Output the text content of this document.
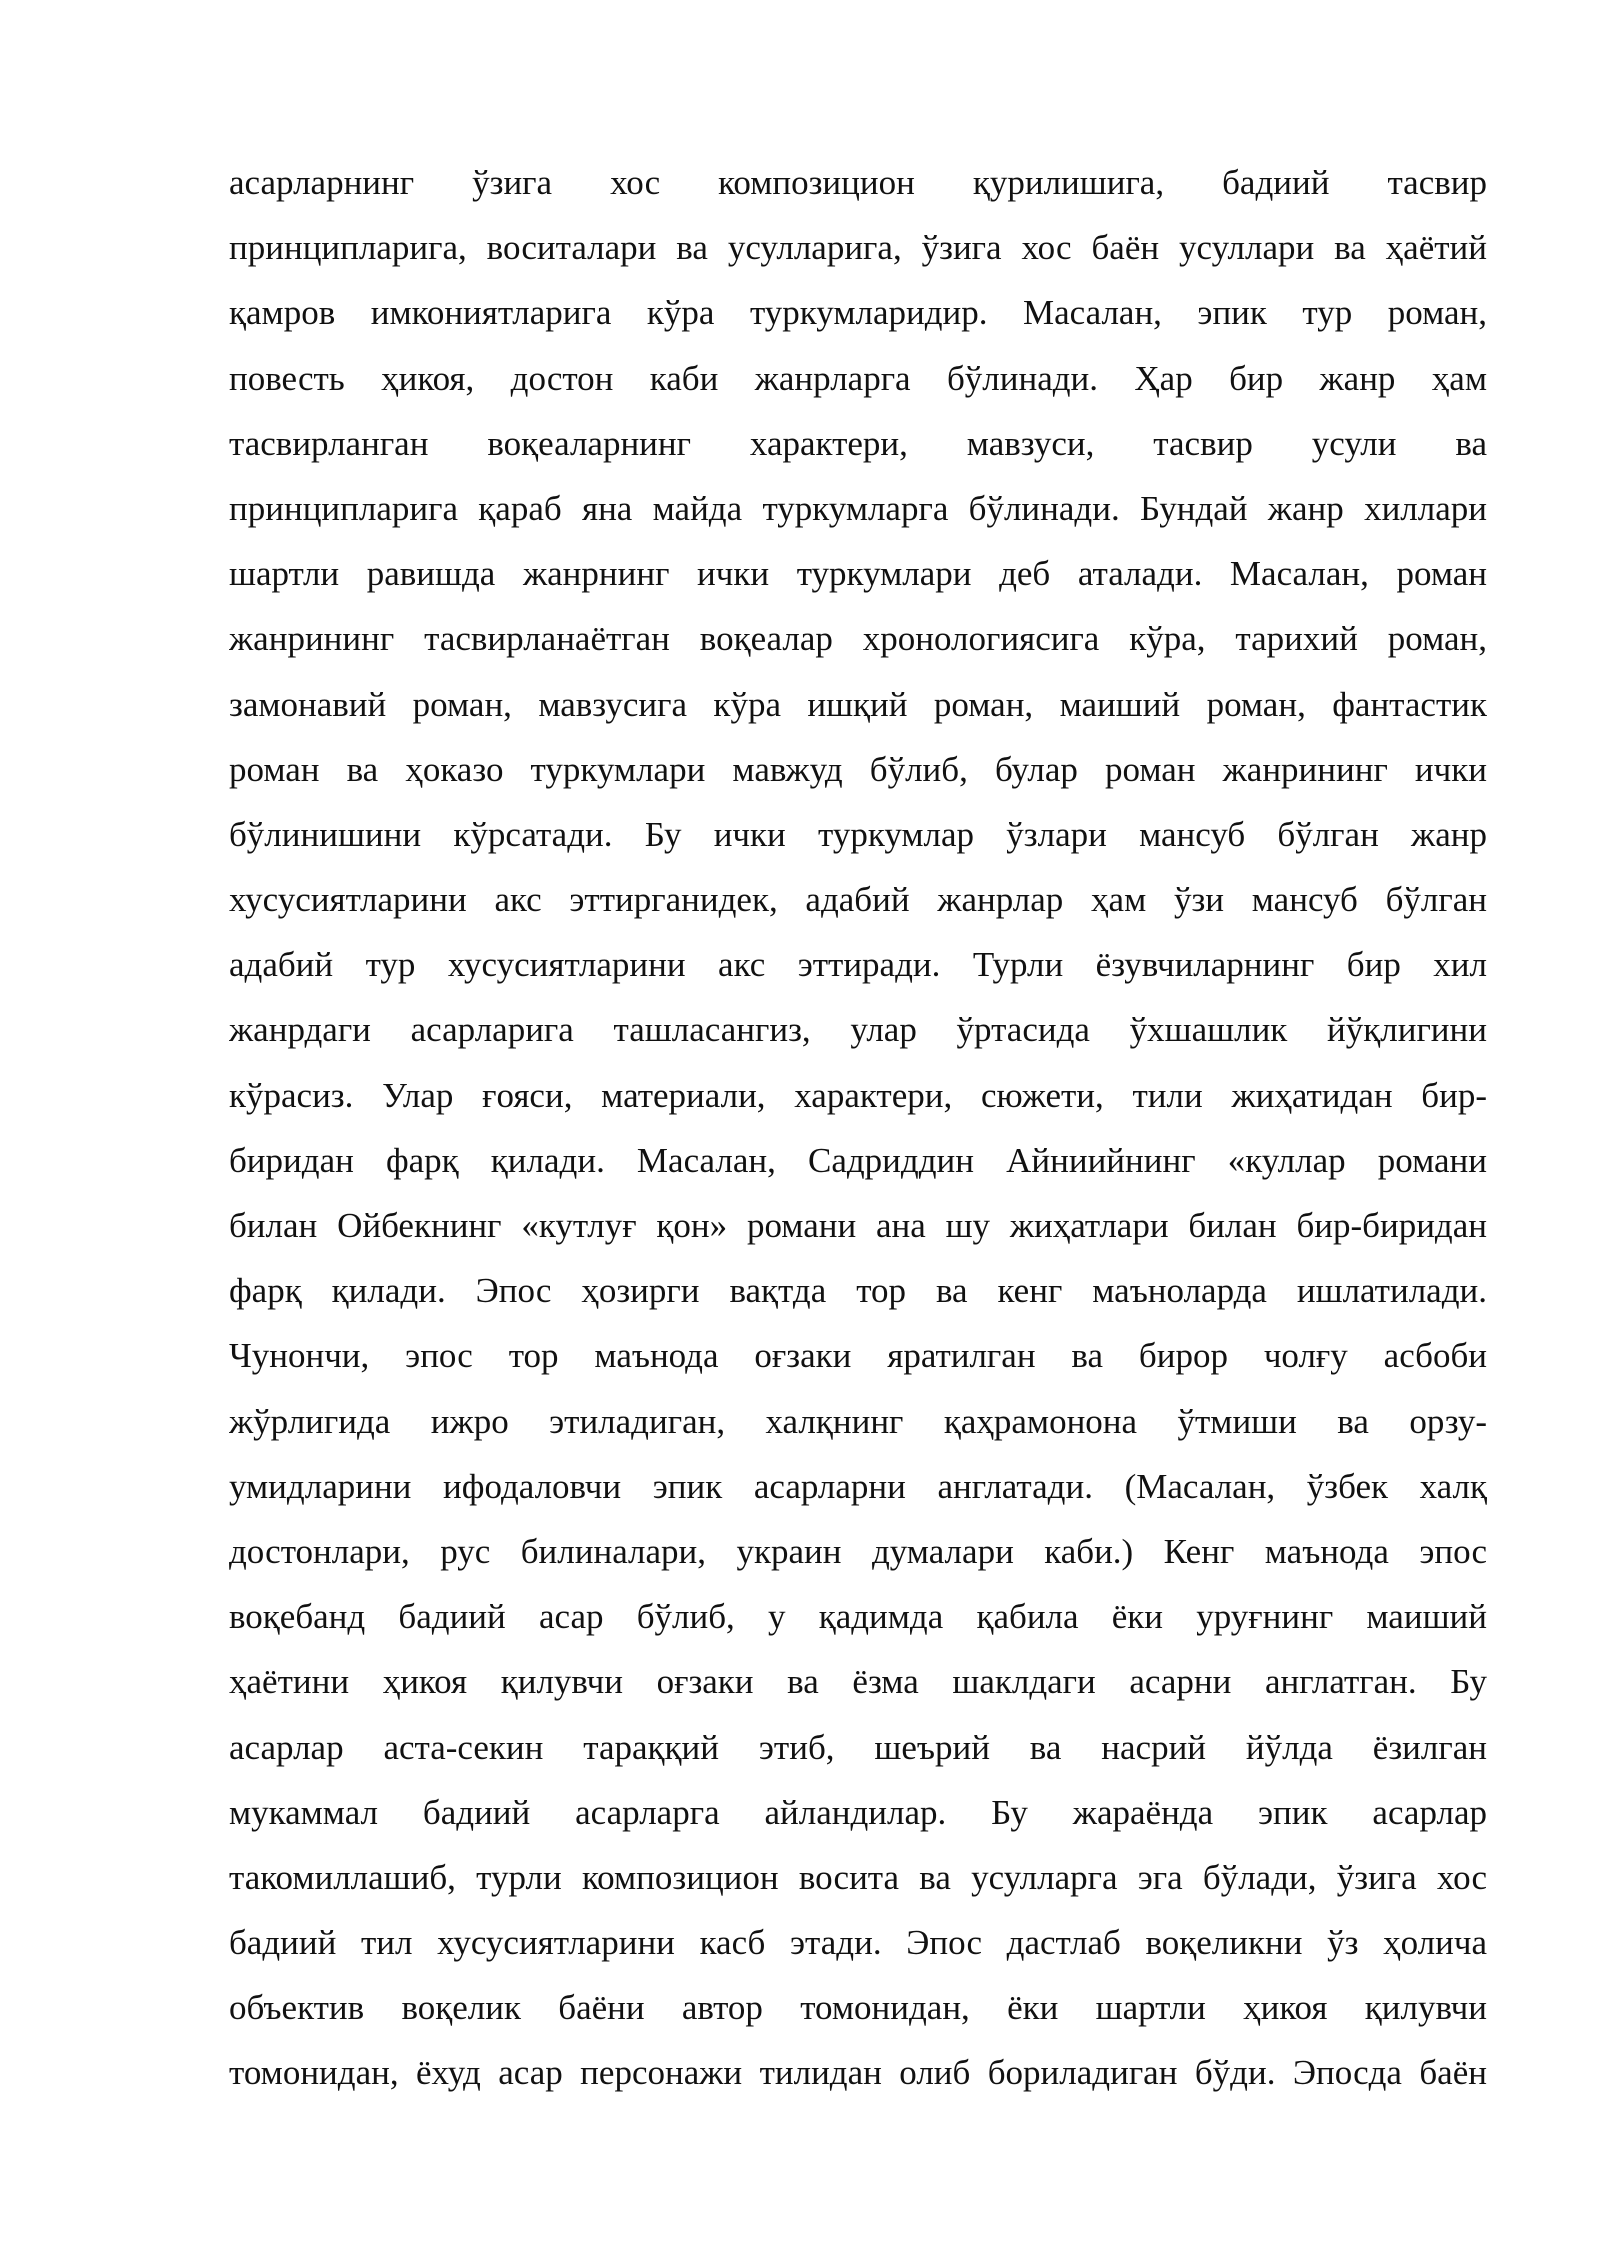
асарларнинг ўзига хос композицион қурилишига, бадиий тасвир
принципларига, воситалари ва усулларига, ўзига хос баён усуллари ва ҳаётий
қамров имкониятларига кўра туркумларидир. Масалан, эпик тур роман,
повесть ҳикоя, достон каби жанрларга бўлинади. Ҳар бир жанр ҳам
тасвирланган воқеаларнинг характери, мавзуси, тасвир усули ва
принципларига қараб яна майда туркумларга бўлинади. Бундай жанр хиллари
шартли равишда жанрнинг ички туркумлари деб аталади. Масалан, роман
жанрининг тасвирланаётган воқеалар хронологиясига кўра, тарихий роман,
замонавий роман, мавзусига кўра ишқий роман, маиший роман, фантастик
роман ва ҳоказо туркумлари мавжуд бўлиб, булар роман жанрининг ички
бўлинишини кўрсатади. Бу ички туркумлар ўзлари мансуб бўлган жанр
хусусиятларини акс эттирганидек, адабий жанрлар ҳам ўзи мансуб бўлган
адабий тур хусусиятларини акс эттиради. Турли ёзувчиларнинг бир хил
жанрдаги асарларига ташласангиз, улар ўртасида ўхшашлик йўқлигини
кўрасиз. Улар ғояси, материали, характери, сюжети, тили жиҳатидан бир-
биридан фарқ қилади. Масалан, Садриддин Айниийнинг «куллар романи
билан Ойбекнинг «кутлуғ қон» романи ана шу жиҳатлари билан бир-биридан
фарқ қилади. Эпос ҳозирги вақтда тор ва кенг маъноларда ишлатилади.
Чунончи, эпос тор маънода оғзаки яратилган ва бирор чолғу асбоби
жўрлигида ижро этиладиган, халқнинг қаҳрамонона ўтмиши ва орзу-
умидларини ифодаловчи эпик асарларни англатади. (Масалан, ўзбек халқ
достонлари, рус билиналари, украин думалари каби.) Кенг маънода эпос
воқебанд бадиий асар бўлиб, у қадимда қабила ёки уруғнинг маиший
ҳаётини ҳикоя қилувчи оғзаки ва ёзма шаклдаги асарни англатган. Бу
асарлар аста-секин тараққий этиб, шеърий ва насрий йўлда ёзилган
мукаммал бадиий асарларга айландилар. Бу жараёнда эпик асарлар
такомиллашиб, турли композицион восита ва усулларга эга бўлади, ўзига хос
бадиий тил хусусиятларини касб этади. Эпос дастлаб воқеликни ўз ҳолича
объектив воқелик баёни автор томонидан, ёки шартли ҳикоя қилувчи
томонидан, ёхуд асар персонажи тилидан олиб бориладиган бўди. Эпосда баён
